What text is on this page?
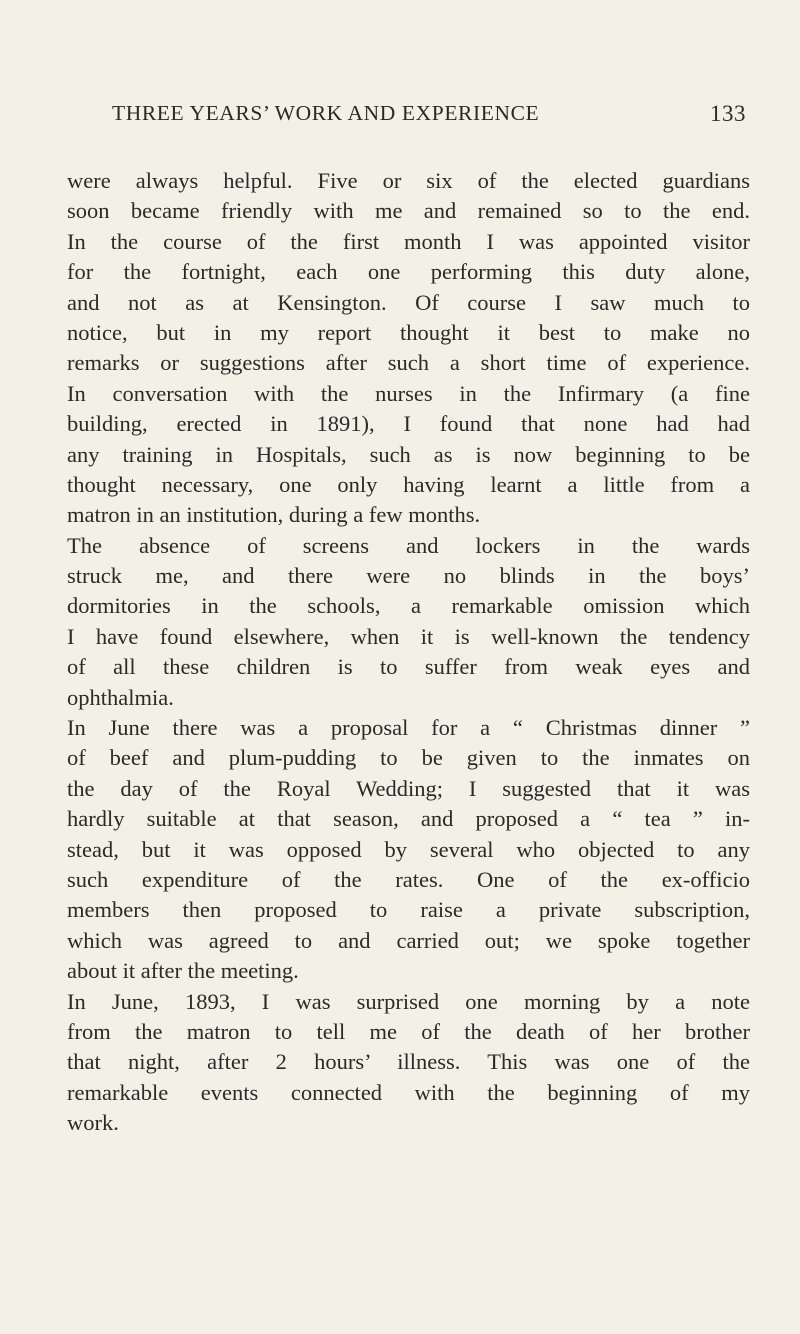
THREE YEARS’ WORK AND EXPERIENCE	133
were always helpful. Five or six of the elected guardians
soon became friendly with me and remained so to the end.
In the course of the first month I was appointed visitor
for the fortnight, each one performing this duty alone,
and not as at Kensington. Of course I saw much to
notice, but in my report thought it best to make no
remarks or suggestions after such a short time of experience.
In conversation with the nurses in the Infirmary (a fine
building, erected in 1891), I found that none had had
any training in Hospitals, such as is now beginning to be
thought necessary, one only having learnt a little from a
matron in an institution, during a few months.
The absence of screens and lockers in the wards
struck me, and there were no blinds in the boys’
dormitories in the schools, a remarkable omission which
I have found elsewhere, when it is well-known the tendency
of all these children is to suffer from weak eyes and
ophthalmia.
In June there was a proposal for a “ Christmas dinner ”
of beef and plum-pudding to be given to the inmates on
the day of the Royal Wedding; I suggested that it was
hardly suitable at that season, and proposed a “ tea ” in-
stead, but it was opposed by several who objected to any
such expenditure of the rates. One of the ex-officio
members then proposed to raise a private subscription,
which was agreed to and carried out; we spoke together
about it after the meeting.
In June, 1893, I was surprised one morning by a note
from the matron to tell me of the death of her brother
that night, after 2 hours’ illness. This was one of the
remarkable events connected with the beginning of my
work.
